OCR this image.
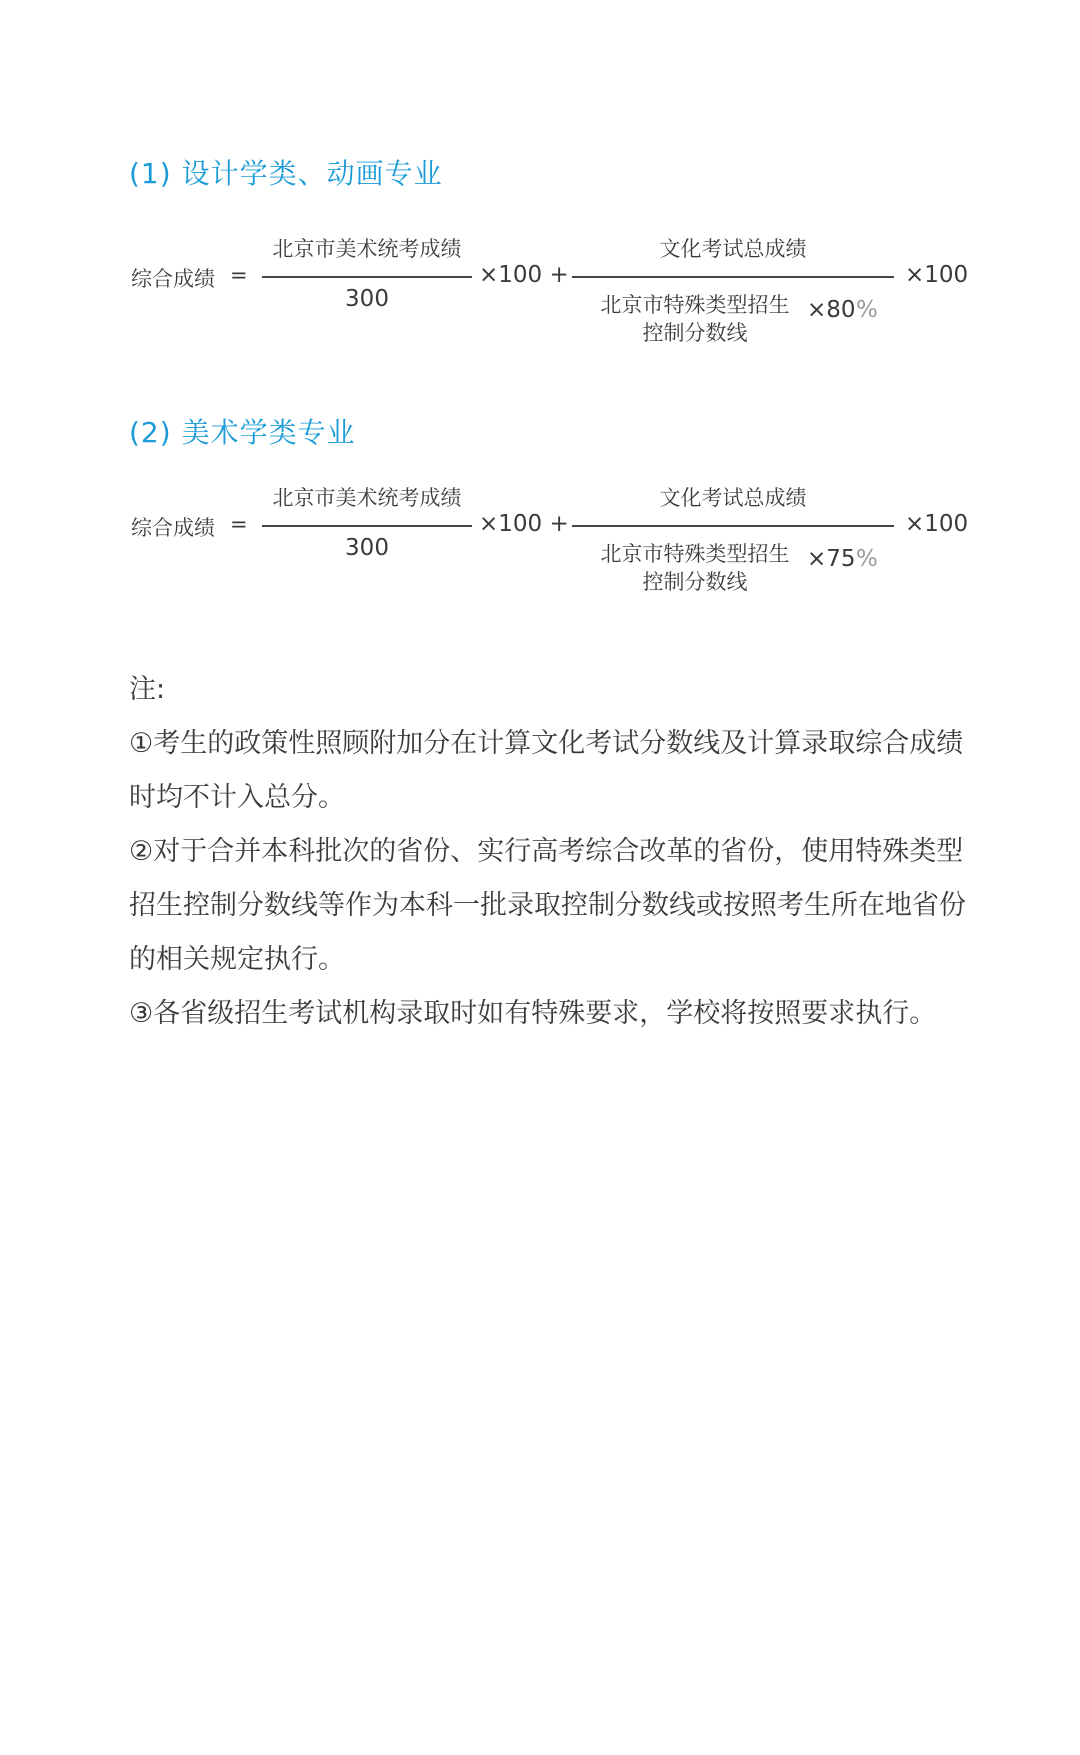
(1) 设计学类、动画专业
综合成绩 =
北京市美术统考成绩
300
×100 +
文化考试总成绩
北京市特殊类型招生
控制分数线
×80 %
×100
(2) 美术学类专业
综合成绩 =
北京市美术统考成绩
300
×100 +
文化考试总成绩
北京市特殊类型招生
控制分数线
×75 %
×100

注:

①考生的政策性照顾附加分在计算文化考试分数线及计算录取综合成绩时均不计入总分。

②对于合并本科批次的省份、实行高考综合改革的省份，使用特殊类型招生控制分数线等作为本科一批录取控制分数线或按照考生所在地省份的相关规定执行。

③各省级招生考试机构录取时如有特殊要求，学校将按照要求执行。
